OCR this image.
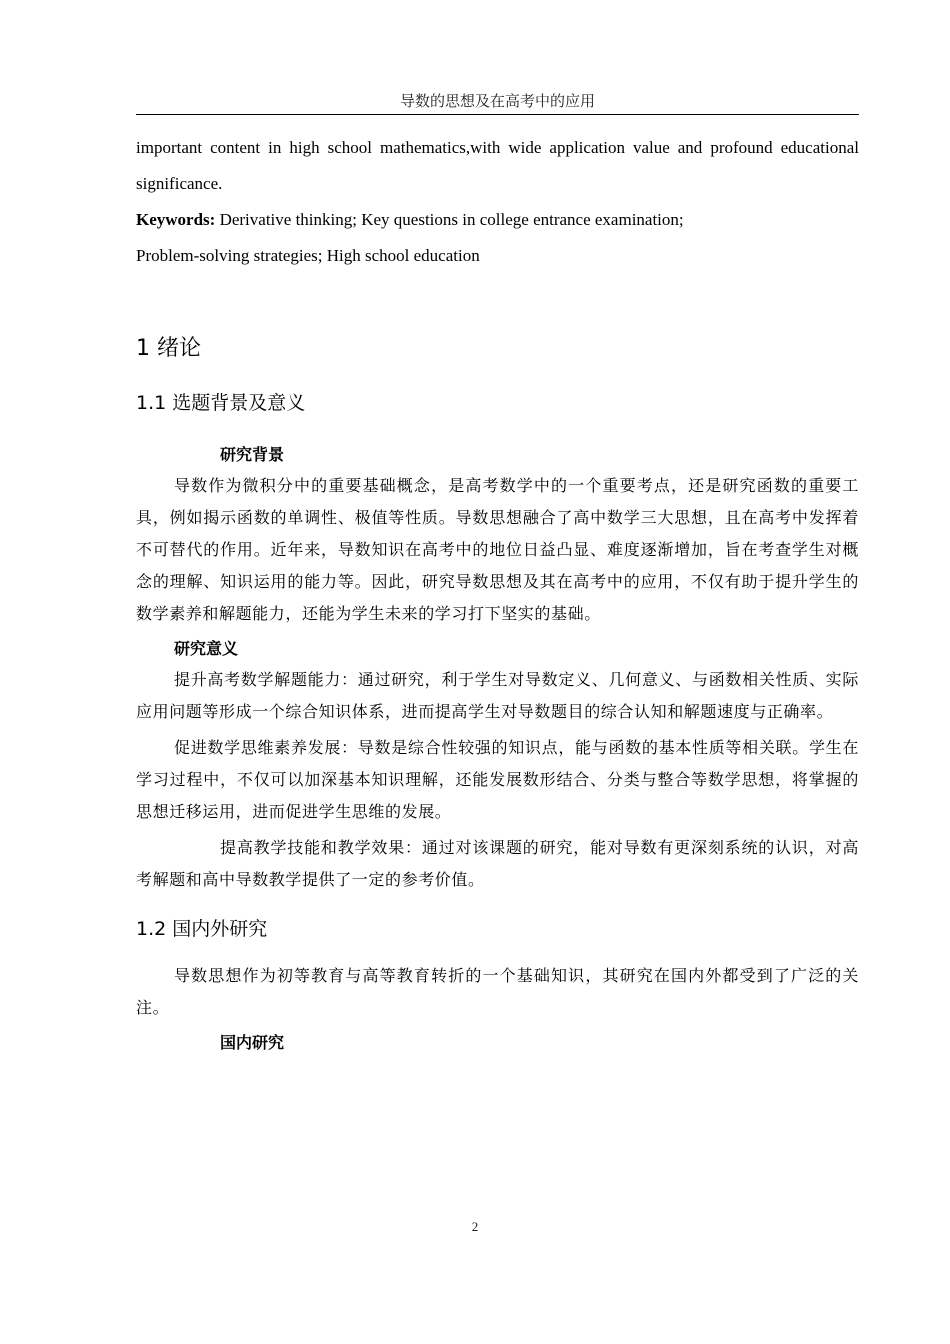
导数的思想及在高考中的应用

important content in high school mathematics,with wide application value and profound educational significance.

Keywords: Derivative thinking; Key questions in college entrance examination;

Problem-solving strategies; High school education

1 绪论
1.1 选题背景及意义
研究背景

导数作为微积分中的重要基础概念，是高考数学中的一个重要考点，还是研究函数的重要工具，例如揭示函数的单调性、极值等性质。导数思想融合了高中数学三大思想，且在高考中发挥着不可替代的作用。近年来，导数知识在高考中的地位日益凸显、难度逐渐增加，旨在考查学生对概念的理解、知识运用的能力等。因此，研究导数思想及其在高考中的应用，不仅有助于提升学生的数学素养和解题能力，还能为学生未来的学习打下坚实的基础。

研究意义

提升高考数学解题能力：通过研究，利于学生对导数定义、几何意义、与函数相关性质、实际应用问题等形成一个综合知识体系，进而提高学生对导数题目的综合认知和解题速度与正确率。

促进数学思维素养发展：导数是综合性较强的知识点，能与函数的基本性质等相关联。学生在学习过程中，不仅可以加深基本知识理解，还能发展数形结合、分类与整合等数学思想，将掌握的思想迁移运用，进而促进学生思维的发展。

提高教学技能和教学效果：通过对该课题的研究，能对导数有更深刻系统的认识，对高考解题和高中导数教学提供了一定的参考价值。

1.2 国内外研究

导数思想作为初等教育与高等教育转折的一个基础知识，其研究在国内外都受到了广泛的关注。

国内研究
2
